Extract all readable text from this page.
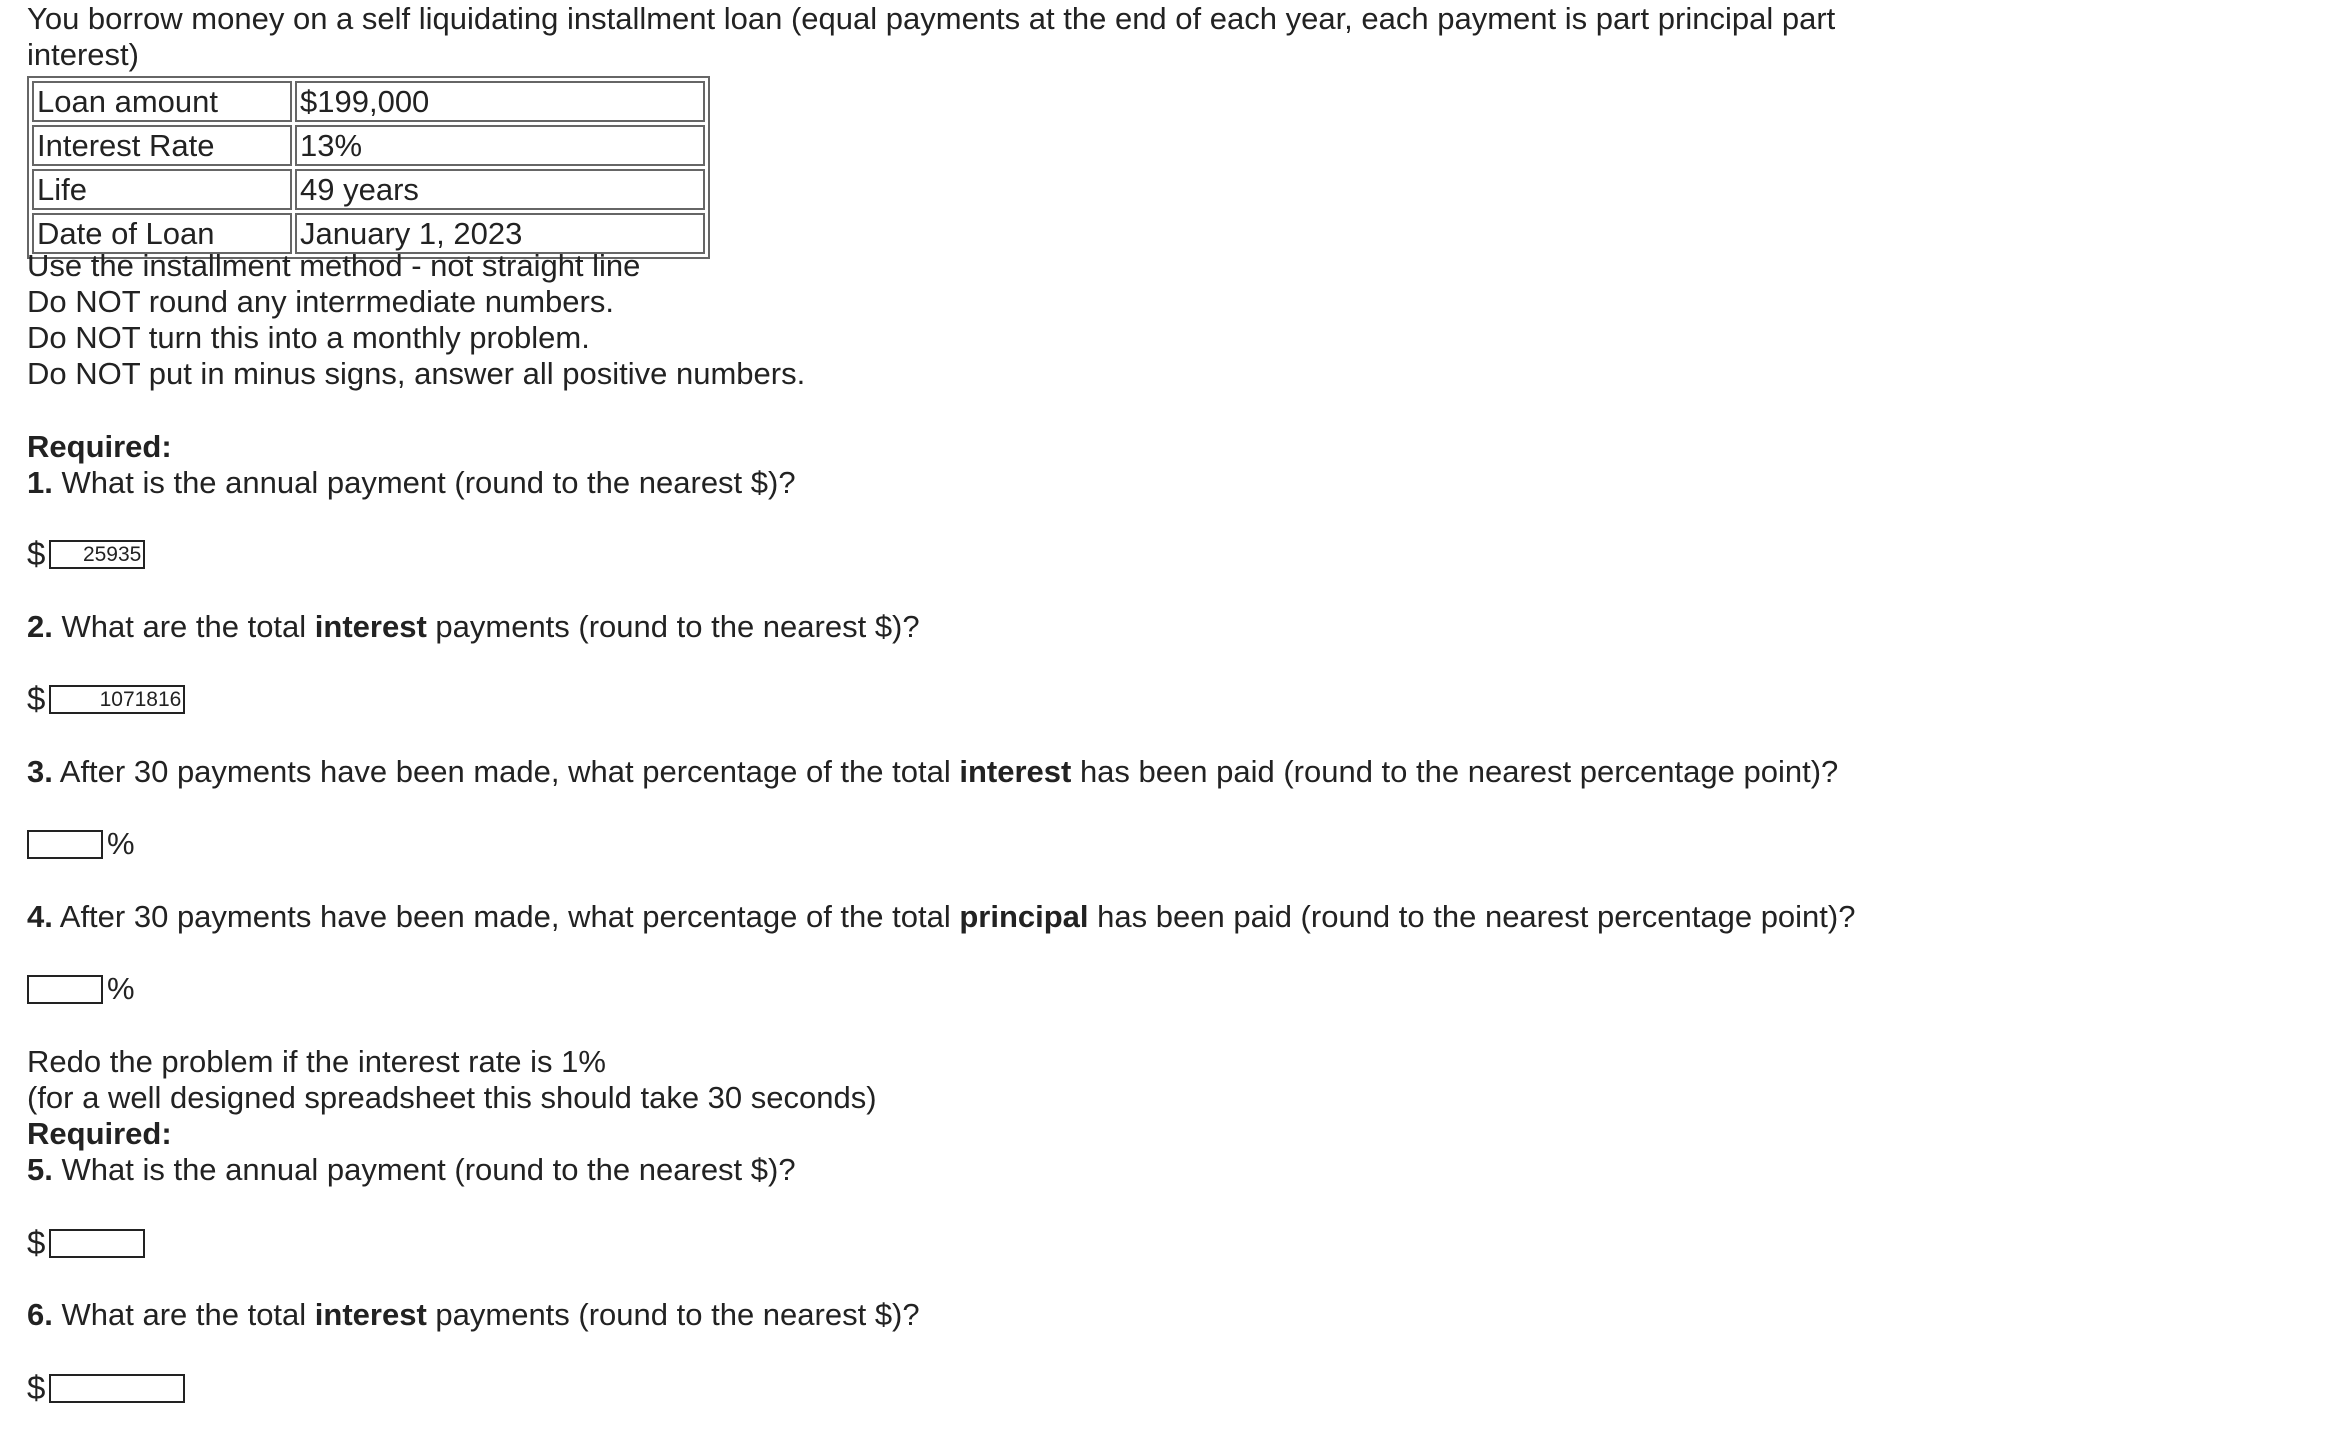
You borrow money on a self liquidating installment loan (equal payments at the end of each year, each payment is part principal part interest)
Loan amount	$199,000
Interest Rate	13%
Life	49 years
Date of Loan	January 1, 2023
Use the installment method - not straight line
Do NOT round any interrmediate numbers.
Do NOT turn this into a monthly problem.
Do NOT put in minus signs, answer all positive numbers.
Required:
1. What is the annual payment (round to the nearest $)?
$	25935
2. What are the total interest payments (round to the nearest $)?
$	1071816
3. After 30 payments have been made, what percentage of the total interest has been paid (round to the nearest percentage point)?
%
4. After 30 payments have been made, what percentage of the total principal has been paid (round to the nearest percentage point)?
%
Redo the problem if the interest rate is 1%
(for a well designed spreadsheet this should take 30 seconds)
Required:
5. What is the annual payment (round to the nearest $)?
$
6. What are the total interest payments (round to the nearest $)?
$
